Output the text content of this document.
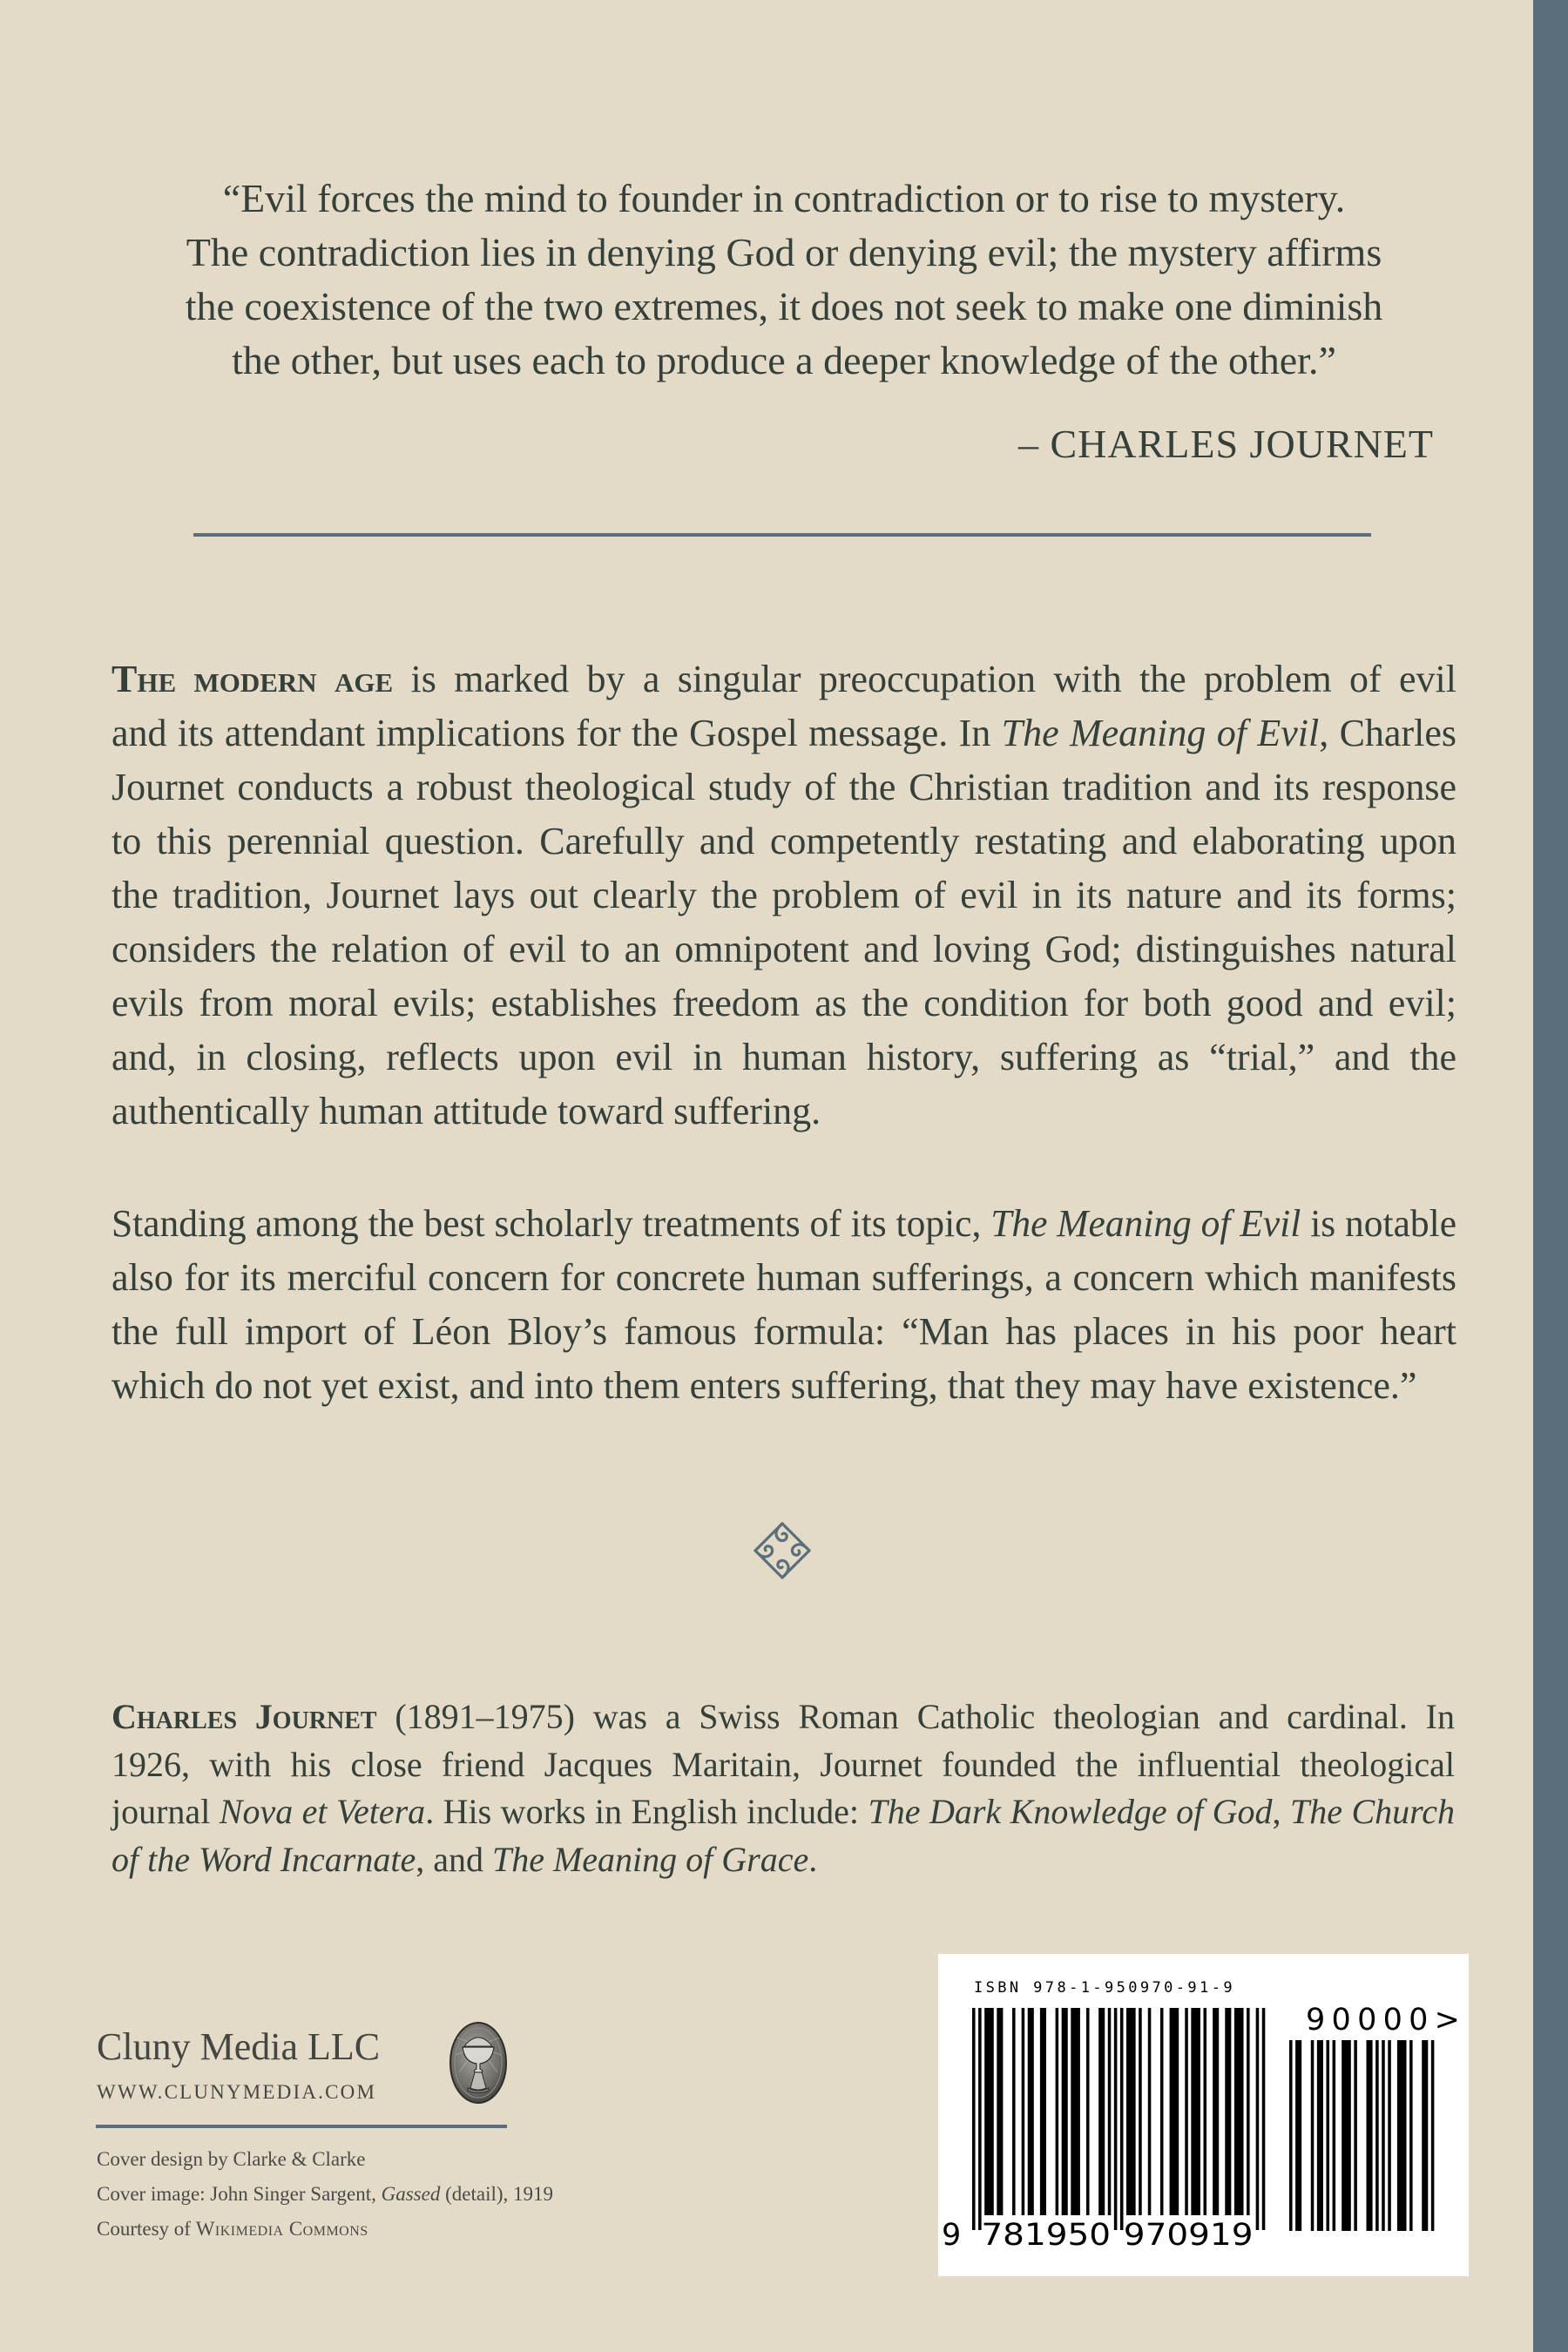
“Evil forces the mind to founder in contradiction or to rise to mystery.
The contradiction lies in denying God or denying evil; the mystery affirms
the coexistence of the two extremes, it does not seek to make one diminish
the other, but uses each to produce a deeper knowledge of the other.”
– CHARLES JOURNET
The modern age is marked by a singular preoccupation with the problem of evil
and its attendant implications for the Gospel message. In The Meaning of Evil, Charles
Journet conducts a robust theological study of the Christian tradition and its response
to this perennial question. Carefully and competently restating and elaborating upon
the tradition, Journet lays out clearly the problem of evil in its nature and its forms;
considers the relation of evil to an omnipotent and loving God; distinguishes natural
evils from moral evils; establishes freedom as the condition for both good and evil;
and, in closing, reflects upon evil in human history, suffering as “trial,” and the
authentically human attitude toward suffering.
Standing among the best scholarly treatments of its topic, The Meaning of Evil is notable
also for its merciful concern for concrete human sufferings, a concern which manifests
the full import of Léon Bloy’s famous formula: “Man has places in his poor heart
which do not yet exist, and into them enters suffering, that they may have existence.”
Charles Journet (1891–1975) was a Swiss Roman Catholic theologian and cardinal. In
1926, with his close friend Jacques Maritain, Journet founded the influential theological
journal Nova et Vetera. His works in English include: The Dark Knowledge of God, The Church
of the Word Incarnate, and The Meaning of Grace.
Cluny Media LLC
WWW.CLUNYMEDIA.COM
Cover design by Clarke & Clarke
Cover image: John Singer Sargent, Gassed (detail), 1919
Courtesy of Wikimedia Commons
ISBN 978-1-950970-91-9
9 781950 970919
90000>
